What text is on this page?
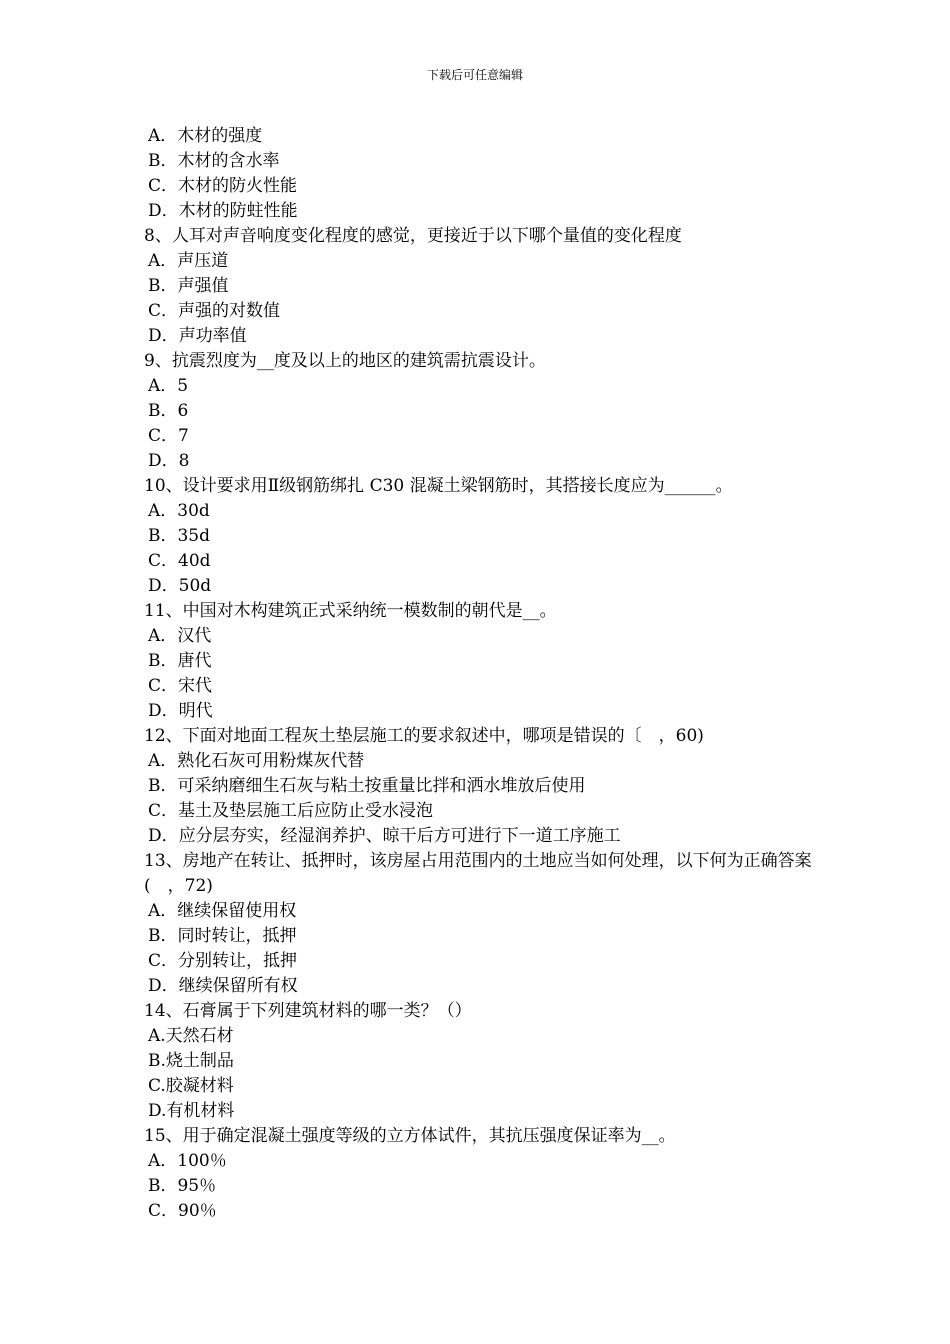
下载后可任意编辑
A．木材的强度
B．木材的含水率
C．木材的防火性能
D．木材的防蛀性能
8、人耳对声音响度变化程度的感觉，更接近于以下哪个量值的变化程度
A．声压道
B．声强值
C．声强的对数值
D．声功率值
9、抗震烈度为__度及以上的地区的建筑需抗震设计。
A．5
B．6
C．7
D．8
10、设计要求用Ⅱ级钢筋绑扎 C30 混凝土梁钢筋时，其搭接长度应为______。
A．30d
B．35d
C．40d
D．50d
11、中国对木构建筑正式采纳统一模数制的朝代是__。
A．汉代
B．唐代
C．宋代
D．明代
12、下面对地面工程灰土垫层施工的要求叙述中，哪项是错误的〔　，60)
A．熟化石灰可用粉煤灰代替
B．可采纳磨细生石灰与粘土按重量比拌和洒水堆放后使用
C．基土及垫层施工后应防止受水浸泡
D．应分层夯实，经湿润养护、晾干后方可进行下一道工序施工
13、房地产在转让、抵押时，该房屋占用范围内的土地应当如何处理，以下何为正确答案(　，72)
A．继续保留使用权
B．同时转让，抵押
C．分别转让，抵押
D．继续保留所有权
14、石膏属于下列建筑材料的哪一类？（）
A.天然石材
B.烧土制品
C.胶凝材料
D.有机材料
15、用于确定混凝土强度等级的立方体试件，其抗压强度保证率为__。
A．100％
B．95％
C．90％
